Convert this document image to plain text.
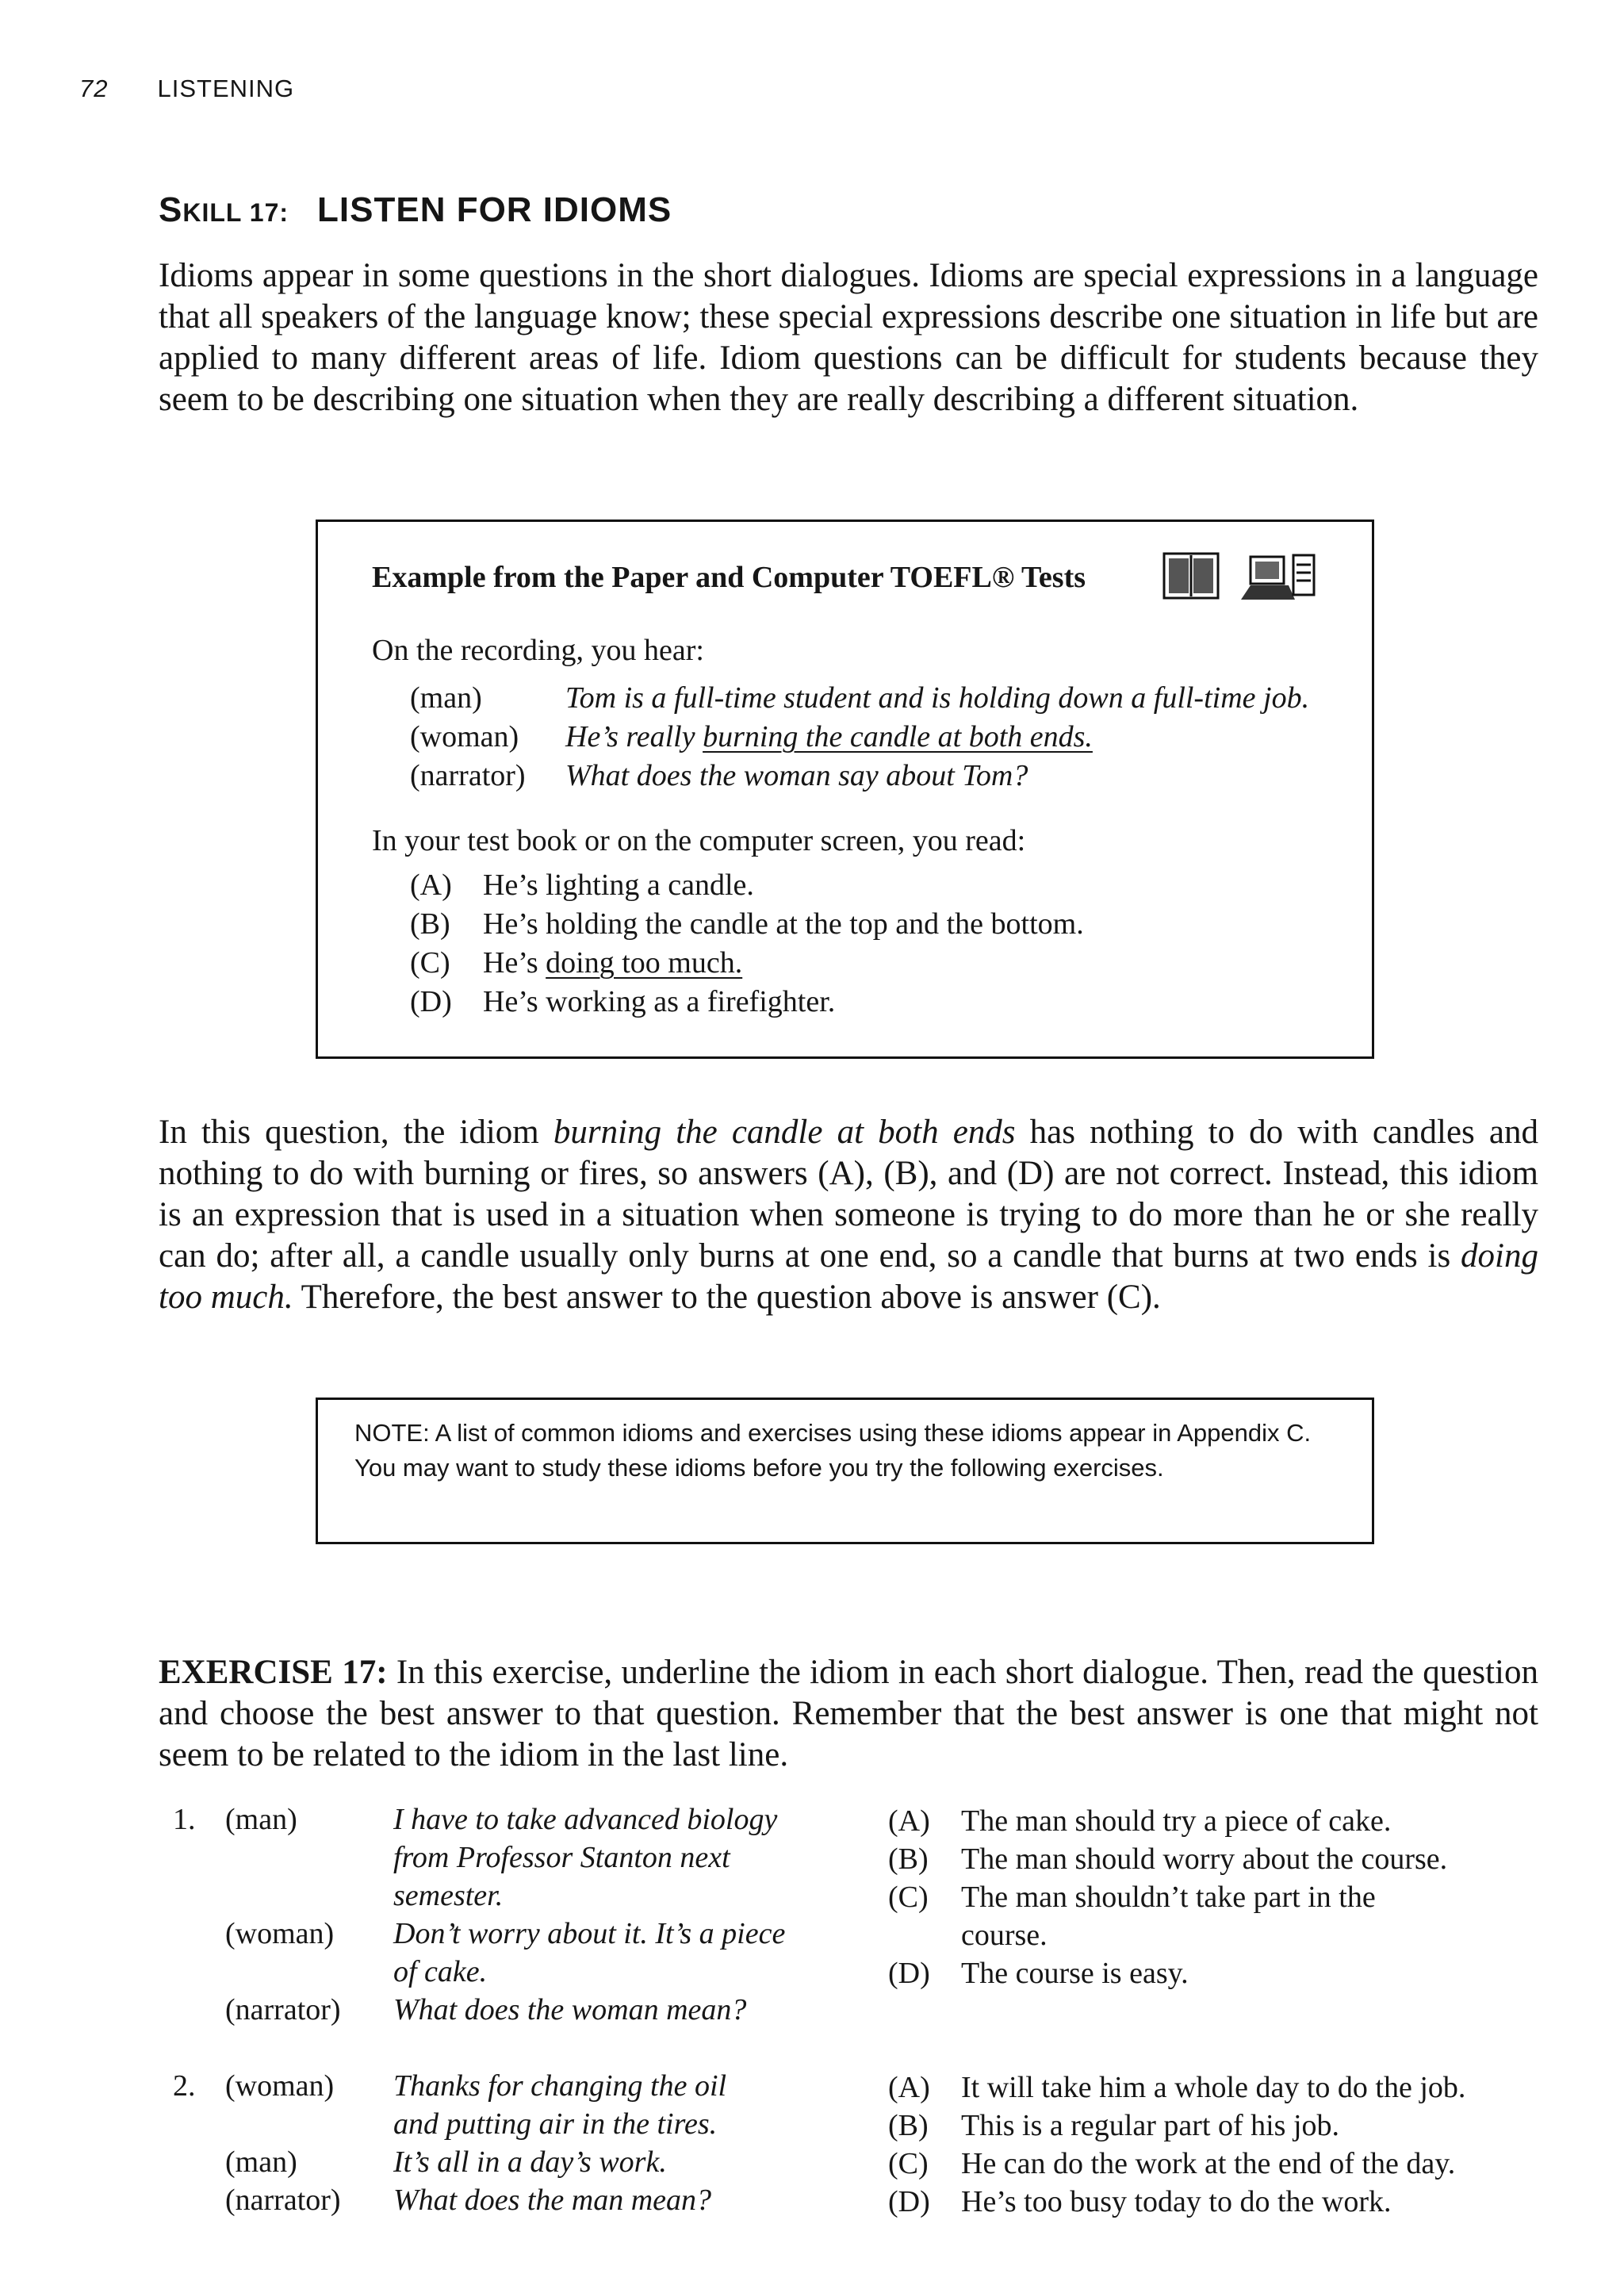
72 LISTENING
SKILL 17: LISTEN FOR IDIOMS
Idioms appear in some questions in the short dialogues. Idioms are special expressions in a language that all speakers of the language know; these special expressions describe one situation in life but are applied to many different areas of life. Idiom questions can be difficult for students because they seem to be describing one situation when they are really describing a different situation.
Example from the Paper and Computer TOEFL® Tests
On the recording, you hear:
(man)	Tom is a full-time student and is holding down a full-time job.
(woman) He’s really burning the candle at both ends.
(narrator) What does the woman say about Tom?
In your test book or on the computer screen, you read:
(A) He’s lighting a candle.
(B) He’s holding the candle at the top and the bottom.
(C) He’s doing too much.
(D) He’s working as a firefighter.
In this question, the idiom burning the candle at both ends has nothing to do with candles and nothing to do with burning or fires, so answers (A), (B), and (D) are not correct. Instead, this idiom is an expression that is used in a situation when someone is trying to do more than he or she really can do; after all, a candle usually only burns at one end, so a candle that burns at two ends is doing too much. Therefore, the best answer to the question above is answer (C).
NOTE: A list of common idioms and exercises using these idioms appear in Appendix C. You may want to study these idioms before you try the following exercises.
EXERCISE 17: In this exercise, underline the idiom in each short dialogue. Then, read the question and choose the best answer to that question. Remember that the best answer is one that might not seem to be related to the idiom in the last line.
1. (man)	I have to take advanced biology
from Professor Stanton next
semester.
(woman) Don’t worry about it. It’s a piece
of cake.
(narrator) What does the woman mean?
(A) The man should try a piece of cake.
(B) The man should worry about the course.
(C) The man shouldn’t take part in the course.
(D) The course is easy.
2. (woman) Thanks for changing the oil
and putting air in the tires.
(man)	It’s all in a day’s work.
(narrator) What does the man mean?
(A) It will take him a whole day to do the job.
(B) This is a regular part of his job.
(C) He can do the work at the end of the day.
(D) He’s too busy today to do the work.
